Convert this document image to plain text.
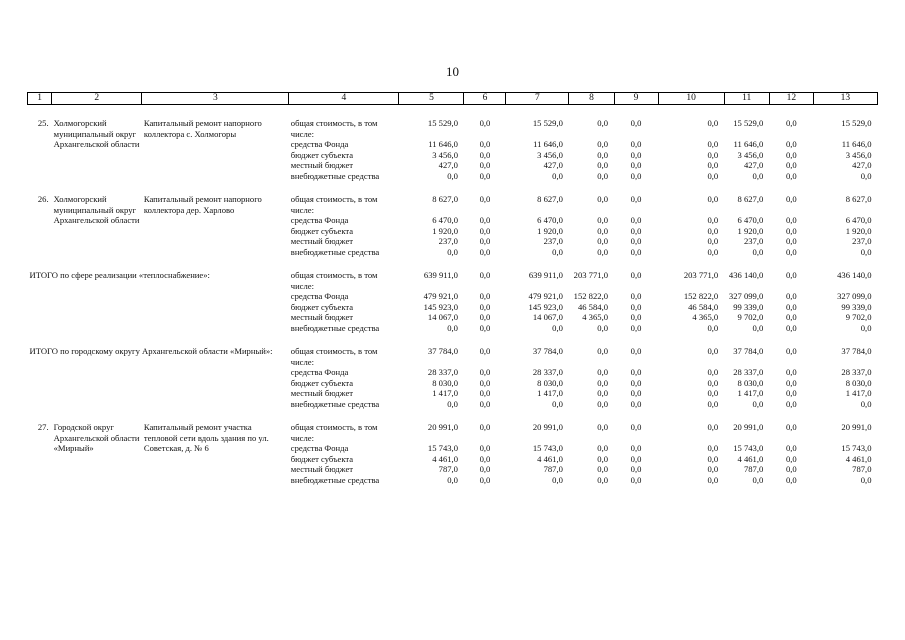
10
1	2	3	4	5	6	7	8	9	10	11	12	13

25.	Холмогорский муниципальный округ Архангельской области	Капитальный ремонт напорного коллектора с. Холмогоры	общая стоимость, в том числе:	15 529,0	0,0	15 529,0	0,0	0,0	0,0	15 529,0	0,0	15 529,0
			средства Фонда	11 646,0	0,0	11 646,0	0,0	0,0	0,0	11 646,0	0,0	11 646,0
			бюджет субъекта	3 456,0	0,0	3 456,0	0,0	0,0	0,0	3 456,0	0,0	3 456,0
			местный бюджет	427,0	0,0	427,0	0,0	0,0	0,0	427,0	0,0	427,0
			внебюджетные средства	0,0	0,0	0,0	0,0	0,0	0,0	0,0	0,0	0,0

26.	Холмогорский муниципальный округ Архангельской области	Капитальный ремонт напорного коллектора дер. Харлово	общая стоимость, в том числе:	8 627,0	0,0	8 627,0	0,0	0,0	0,0	8 627,0	0,0	8 627,0
			средства Фонда	6 470,0	0,0	6 470,0	0,0	0,0	0,0	6 470,0	0,0	6 470,0
			бюджет субъекта	1 920,0	0,0	1 920,0	0,0	0,0	0,0	1 920,0	0,0	1 920,0
			местный бюджет	237,0	0,0	237,0	0,0	0,0	0,0	237,0	0,0	237,0
			внебюджетные средства	0,0	0,0	0,0	0,0	0,0	0,0	0,0	0,0	0,0

ИТОГО по сфере реализации «теплоснабжение»:			общая стоимость, в том числе:	639 911,0	0,0	639 911,0	203 771,0	0,0	203 771,0	436 140,0	0,0	436 140,0
			средства Фонда	479 921,0	0,0	479 921,0	152 822,0	0,0	152 822,0	327 099,0	0,0	327 099,0
			бюджет субъекта	145 923,0	0,0	145 923,0	46 584,0	0,0	46 584,0	99 339,0	0,0	99 339,0
			местный бюджет	14 067,0	0,0	14 067,0	4 365,0	0,0	4 365,0	9 702,0	0,0	9 702,0
			внебюджетные средства	0,0	0,0	0,0	0,0	0,0	0,0	0,0	0,0	0,0

ИТОГО по городскому округу Архангельской области «Мирный»:			общая стоимость, в том числе:	37 784,0	0,0	37 784,0	0,0	0,0	0,0	37 784,0	0,0	37 784,0
			средства Фонда	28 337,0	0,0	28 337,0	0,0	0,0	0,0	28 337,0	0,0	28 337,0
			бюджет субъекта	8 030,0	0,0	8 030,0	0,0	0,0	0,0	8 030,0	0,0	8 030,0
			местный бюджет	1 417,0	0,0	1 417,0	0,0	0,0	0,0	1 417,0	0,0	1 417,0
			внебюджетные средства	0,0	0,0	0,0	0,0	0,0	0,0	0,0	0,0	0,0

27.	Городской округ Архангельской области «Мирный»	Капитальный ремонт участка тепловой сети вдоль здания по ул. Советская, д. № 6	общая стоимость, в том числе:	20 991,0	0,0	20 991,0	0,0	0,0	0,0	20 991,0	0,0	20 991,0
			средства Фонда	15 743,0	0,0	15 743,0	0,0	0,0	0,0	15 743,0	0,0	15 743,0
			бюджет субъекта	4 461,0	0,0	4 461,0	0,0	0,0	0,0	4 461,0	0,0	4 461,0
			местный бюджет	787,0	0,0	787,0	0,0	0,0	0,0	787,0	0,0	787,0
			внебюджетные средства	0,0	0,0	0,0	0,0	0,0	0,0	0,0	0,0	0,0
